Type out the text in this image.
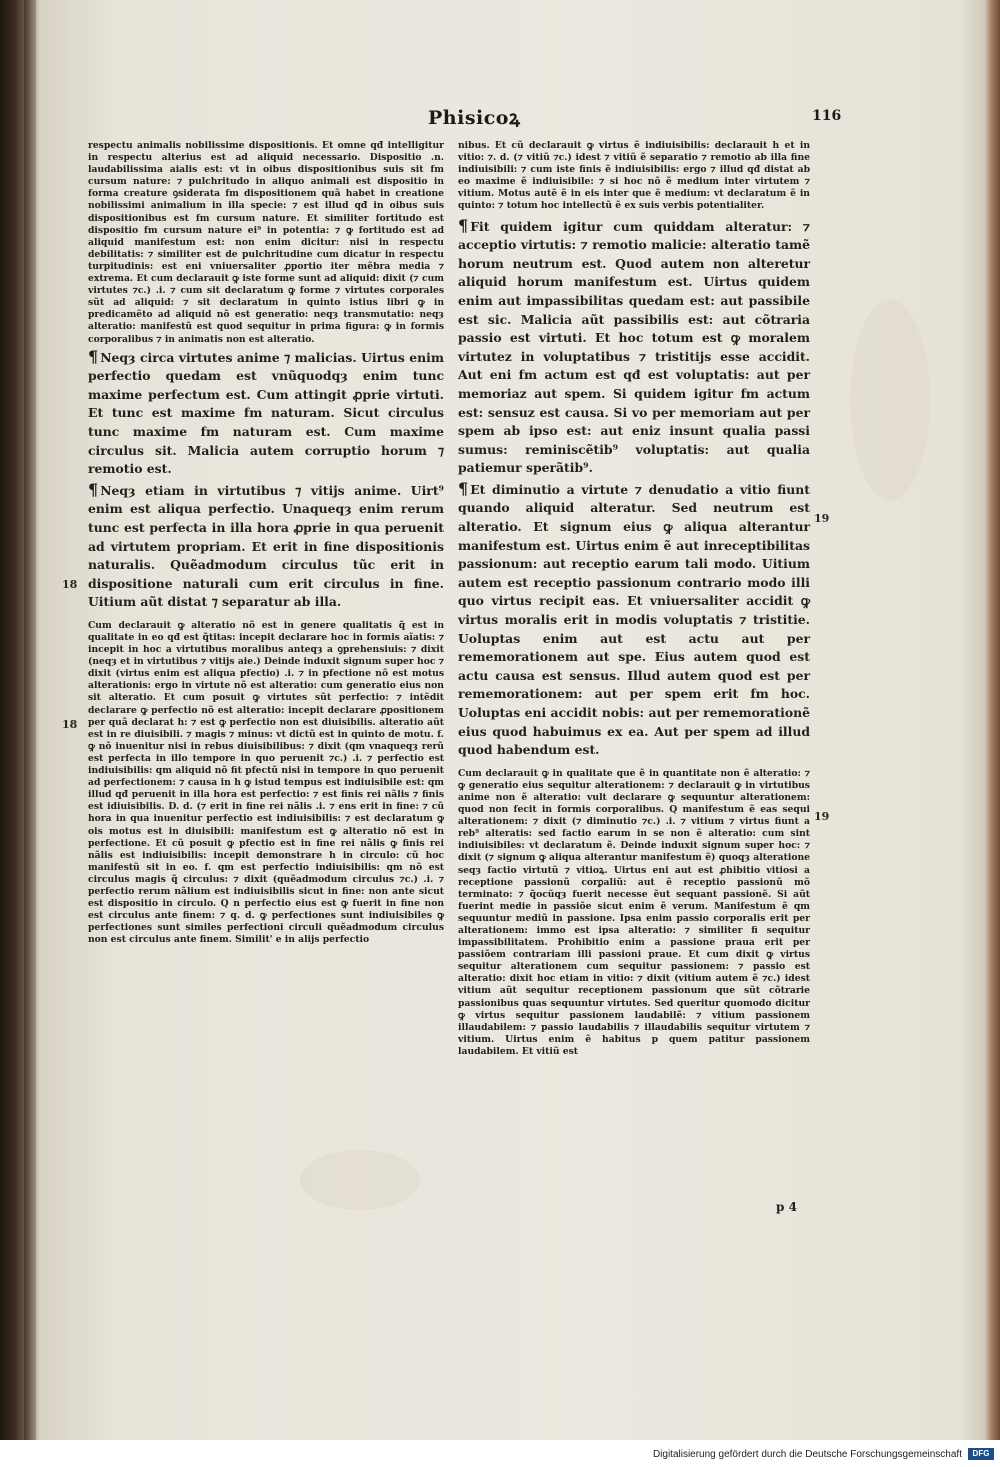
Phisicoꝝ	116

respectu animalis nobilissime dispositionis. Et omne qđ intelligitur in respectu alterius est ad aliquid necessario. Dispositio .n. laudabilissima aialis est: vt in oibus dispositionibus suis sit fm cursum nature: ⁊ pulchritudo in aliquo animali est dispositio in forma creature ꝯsiderata fm dispositionem quã habet in creatione nobilissimi animalium in illa specie: ⁊ est illud qđ in oibus suis dispositionibus est fm cursum nature. Et similiter fortitudo est dispositio fm cursum nature ei⁹ in potentia: ⁊ ꝙ fortitudo est ad aliquid manifestum est: non enim dicitur: nisi in respectu debilitatis: ⁊ similiter est de pulchritudine cum dicatur in respectu turpitudinis: est eni vniuersaliter ꝓportio iter mẽbra media ⁊ extrema. Et cum declarauit ꝙ iste forme sunt ad aliquid: dixit (⁊ cum virtutes ⁊c.) .i. ⁊ cum sit declaratum ꝙ forme ⁊ virtutes corporales sũt ad aliquid: ⁊ sit declaratum in quinto istius libri ꝙ in predicamẽto ad aliquid nõ est generatio: neqȝ transmutatio: neqȝ alteratio: manifestũ est quod sequitur in prima figura: ꝙ in formis corporalibus ⁊ in animatis non est alteratio.

¶ Neqȝ circa virtutes anime ⁊ malicias. Uirtus enim perfectio quedam est vnũquodqȝ enim tunc maxime perfectum est. Cum attingit ꝓprie virtuti. Et tunc est maxime fm naturam. Sicut circulus tunc maxime fm naturam est. Cum maxime circulus sit. Malicia autem corruptio horum ⁊ remotio est.

¶ Neqȝ etiam in virtutibus ⁊ vitijs anime. Uirt⁹ enim est aliqua perfectio. Unaqueqȝ enim rerum tunc est perfecta in illa hora ꝓprie in qua peruenit ad virtutem propriam. Et erit in fine dispositionis naturalis. Quẽadmodum circulus tũc erit in dispositione naturali cum erit circulus in fine. Uitium aũt distat ⁊ separatur ab illa.

Cum declarauit ꝙ alteratio nõ est in genere qualitatis q̃ est in qualitate in eo qđ est q̃titas: incepit declarare hoc in formis aĩatis: ⁊ incepit in hoc a virtutibus moralibus anteqȝ a ꝯprehensiuis: ⁊ dixit (neqȝ et in virtutibus ⁊ vitijs aie.) Deinde induxit signum super hoc ⁊ dixit (virtus enim est aliqua pfectio) .i. ⁊ in pfectione nõ est motus alterationis: ergo in virtute nõ est alteratio: cum generatio eius non sit alteratio. Et cum posuit ꝙ virtutes sũt perfectio: ⁊ intẽdit declarare ꝙ perfectio nõ est alteratio: incepit declarare ꝓpositionem per quã declarat h: ⁊ est ꝙ perfectio non est diuisibilis. alteratio aũt est in re diuisibili. ⁊ magis ⁊ minus: vt dictũ est in quinto de motu. f. ꝙ nõ inuenitur nisi in rebus diuisibilibus: ⁊ dixit (qm vnaqueqȝ rerũ est perfecta in illo tempore in quo peruenit ⁊c.) .i. ⁊ perfectio est indiuisibilis: qm aliquid nõ fit pfectũ nisi in tempore in quo peruenit ad perfectionem: ⁊ causa in h ꝙ istud tempus est indiuisibile est: qm illud qđ peruenit in illa hora est perfectio: ⁊ est finis rei nãlis ⁊ finis est idiuisibilis. D. d. (⁊ erit in fine rei nãlis .i. ⁊ ens erit in fine: ⁊ cũ hora in qua inuenitur perfectio est indiuisibilis: ⁊ est declaratum ꝙ ois motus est in diuisibili: manifestum est ꝙ alteratio nõ est in perfectione. Et cũ posuit ꝙ pfectio est in fine rei nãlis ꝙ finis rei nãlis est indiuisibilis: incepit demonstrare h in circulo: cũ hoc manifestũ sit in eo. f. qm est perfectio indiuisibilis: qm nõ est circulus magis q̃ circulus: ⁊ dixit (quẽadmodum circulus ⁊c.) .i. ⁊ perfectio rerum nãlium est indiuisibilis sicut in fine: non ante sicut est dispositio in circulo. Q n perfectio eius est ꝙ fuerit in fine non est circulus ante finem: ⁊ q. d. ꝙ perfectiones sunt indiuisibiles ꝙ perfectiones sunt similes perfectioni circuli quẽadmodum circulus non est circulus ante finem. Similit' e in alijs perfectio

nibus. Et cũ declarauit ꝙ virtus ẽ indiuisibilis: declarauit h et in vitio: ⁊. d. (⁊ vitiũ ⁊c.) idest ⁊ vitiũ ẽ separatio ⁊ remotio ab illa fine indiuisibili: ⁊ cum iste finis ẽ indiuisibilis: ergo ⁊ illud qđ distat ab eo maxime ẽ indiuisibile: ⁊ si hoc nõ ẽ medium inter virtutem ⁊ vitium. Motus autẽ ẽ in eis inter que ẽ medium: vt declaratum ẽ in quinto: ⁊ totum hoc intellectũ ẽ ex suis verbis potentialiter.

¶ Fit quidem igitur cum quiddam alteratur: ⁊ acceptio virtutis: ⁊ remotio malicie: alteratio tamẽ horum neutrum est. Quod autem non alteretur aliquid horum manifestum est. Uirtus quidem enim aut impassibilitas quedam est: aut passibile est sic. Malicia aũt passibilis est: aut cõtraria passio est virtuti. Et hoc totum est ꝙ moralem virtutez in voluptatibus ⁊ tristitijs esse accidit. Aut eni fm actum est qđ est voluptatis: aut per memoriaz aut spem. Si quidem igitur fm actum est: sensuz est causa. Si vo per memoriam aut per spem ab ipso est: aut eniz insunt qualia passi sumus: reminiscẽtib⁹ voluptatis: aut qualia patiemur sperãtib⁹.

¶ Et diminutio a virtute ⁊ denudatio a vitio fiunt quando aliquid alteratur. Sed neutrum est alteratio. Et signum eius ꝙ aliqua alterantur manifestum est. Uirtus enim ẽ aut inreceptibilitas passionum: aut receptio earum tali modo. Uitium autem est receptio passionum contrario modo illi quo virtus recipit eas. Et vniuersaliter accidit ꝙ virtus moralis erit in modis voluptatis ⁊ tristitie. Uoluptas enim aut est actu aut per rememorationem aut spe. Eius autem quod est actu causa est sensus. Illud autem quod est per rememorationem: aut per spem erit fm hoc. Uoluptas eni accidit nobis: aut per rememorationẽ eius quod habuimus ex ea. Aut per spem ad illud quod habendum est.

Cum declarauit ꝙ in qualitate que ẽ in quantitate non ẽ alteratio: ⁊ ꝙ generatio eius sequitur alterationem: ⁊ declarauit ꝙ in virtutibus anime non ẽ alteratio: vult declarare ꝙ sequuntur alterationem: quod non fecit in formis corporalibus. Q manifestum ẽ eas sequi alterationem: ⁊ dixit (⁊ diminutio ⁊c.) .i. ⁊ vitium ⁊ virtus fiunt a reb⁹ alteratis: sed factio earum in se non ẽ alteratio: cum sint indiuisibiles: vt declaratum ẽ. Deinde induxit signum super hoc: ⁊ dixit (⁊ signum ꝙ aliqua alterantur manifestum ẽ) quoqȝ alteratione seqȝ factio virtutũ ⁊ vitioꝝ. Uirtus eni aut est ꝓhibitio vitiosi a receptione passionũ corꝑaliũ: aut ẽ receptio passionũ mõ terminato: ⁊ q̃ocũqȝ fuerit necesse ẽut sequant passionẽ. Si aũt fuerint medie in passiõe sicut enim ẽ verum. Manifestum ẽ qm sequuntur mediũ in passione. Ipsa enim passio corporalis erit per alterationem: immo est ipsa alteratio: ⁊ similiter fi sequitur impassibilitatem. Prohibitio enim a passione praua erit per passiõem contrariam illi passioni praue. Et cum dixit ꝙ virtus sequitur alterationem cum sequitur passionem: ⁊ passio est alteratio: dixit hoc etiam in vitio: ⁊ dixit (vitium autem ẽ ⁊c.) idest vitium aũt sequitur receptionem passionum que sũt cõtrarie passionibus quas sequuntur virtutes. Sed queritur quomodo dicitur ꝙ virtus sequitur passionem laudabilẽ: ⁊ vitium passionem illaudabilem: ⁊ passio laudabilis ⁊ illaudabilis sequitur virtutem ⁊ vitium. Uirtus enim ẽ habitus p quem patitur passionem laudabilem. Et vitiũ est

18
18
19
19
p 4
Digitalisierung gefördert durch die Deutsche Forschungsgemeinschaft	DFG
